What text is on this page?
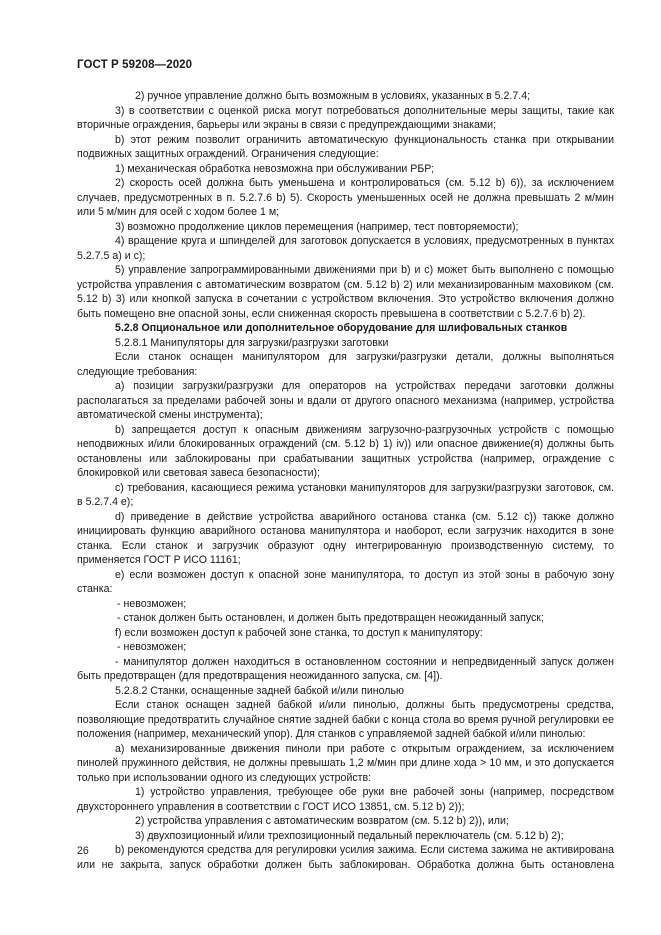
ГОСТ Р 59208—2020

2) ручное управление должно быть возможным в условиях, указанных в 5.2.7.4;

3) в соответствии с оценкой риска могут потребоваться дополнительные меры защиты, такие как вторичные ограждения, барьеры или экраны в связи с предупреждающими знаками;

b) этот режим позволит ограничить автоматическую функциональность станка при открывании подвижных защитных ограждений. Ограничения следующие:

1) механическая обработка невозможна при обслуживании РБР;

2) скорость осей должна быть уменьшена и контролироваться (см. 5.12 b) 6)), за исключением случаев, предусмотренных в п. 5.2.7.6 b) 5). Скорость уменьшенных осей не должна превышать 2 м/мин или 5 м/мин для осей с ходом более 1 м;

3) возможно продолжение циклов перемещения (например, тест повторяемости);

4) вращение круга и шпинделей для заготовок допускается в условиях, предусмотренных в пунктах 5.2.7.5 a) и c);

5) управление запрограммированными движениями при b) и c) может быть выполнено с помощью устройства управления с автоматическим возвратом (см. 5.12 b) 2) или механизированным маховиком (см. 5.12 b) 3) или кнопкой запуска в сочетании с устройством включения. Это устройство включения должно быть помещено вне опасной зоны, если сниженная скорость превышена в соответствии с 5.2.7.6 b) 2).

5.2.8 Опциональное или дополнительное оборудование для шлифовальных станков

5.2.8.1 Манипуляторы для загрузки/разгрузки заготовки

Если станок оснащен манипулятором для загрузки/разгрузки детали, должны выполняться следующие требования:

a) позиции загрузки/разгрузки для операторов на устройствах передачи заготовки должны располагаться за пределами рабочей зоны и вдали от другого опасного механизма (например, устройства автоматической смены инструмента);

b) запрещается доступ к опасным движениям загрузочно-разгрузочных устройств с помощью неподвижных и/или блокированных ограждений (см. 5.12 b) 1) iv)) или опасное движение(я) должны быть остановлены или заблокированы при срабатывании защитных устройства (например, ограждение с блокировкой или световая завеса безопасности);

c) требования, касающиеся режима установки манипуляторов для загрузки/разгрузки заготовок, см. в 5.2.7.4 e);

d) приведение в действие устройства аварийного останова станка (см. 5.12 c)) также должно инициировать функцию аварийного останова манипулятора и наоборот, если загрузчик находится в зоне станка. Если станок и загрузчик образуют одну интегрированную производственную систему, то применяется ГОСТ Р ИСО 11161;

e) если возможен доступ к опасной зоне манипулятора, то доступ из этой зоны в рабочую зону станка:

- невозможен;

- станок должен быть остановлен, и должен быть предотвращен неожиданный запуск;

f) если возможен доступ к рабочей зоне станка, то доступ к манипулятору:

- невозможен;

- манипулятор должен находиться в остановленном состоянии и непредвиденный запуск должен быть предотвращен (для предотвращения неожиданного запуска, см. [4]).

5.2.8.2 Станки, оснащенные задней бабкой и/или пинолью

Если станок оснащен задней бабкой и/или пинолью, должны быть предусмотрены средства, позволяющие предотвратить случайное снятие задней бабки с конца стола во время ручной регулировки ее положения (например, механический упор). Для станков с управляемой задней бабкой и/или пинолью:

a) механизированные движения пиноли при работе с открытым ограждением, за исключением пинолей пружинного действия, не должны превышать 1,2 м/мин при длине хода > 10 мм, и это допускается только при использовании одного из следующих устройств:

1) устройство управления, требующее обе руки вне рабочей зоны (например, посредством двухстороннего управления в соответствии с ГОСТ ИСО 13851, см. 5.12 b) 2));

2) устройства управления с автоматическим возвратом (см. 5.12 b) 2)), или;

3) двухпозиционный и/или трехпозиционный педальный переключатель (см. 5.12 b) 2);

b) рекомендуются средства для регулировки усилия зажима. Если система зажима не активирована или не закрыта, запуск обработки должен быть заблокирован. Обработка должна быть остановлена

26
